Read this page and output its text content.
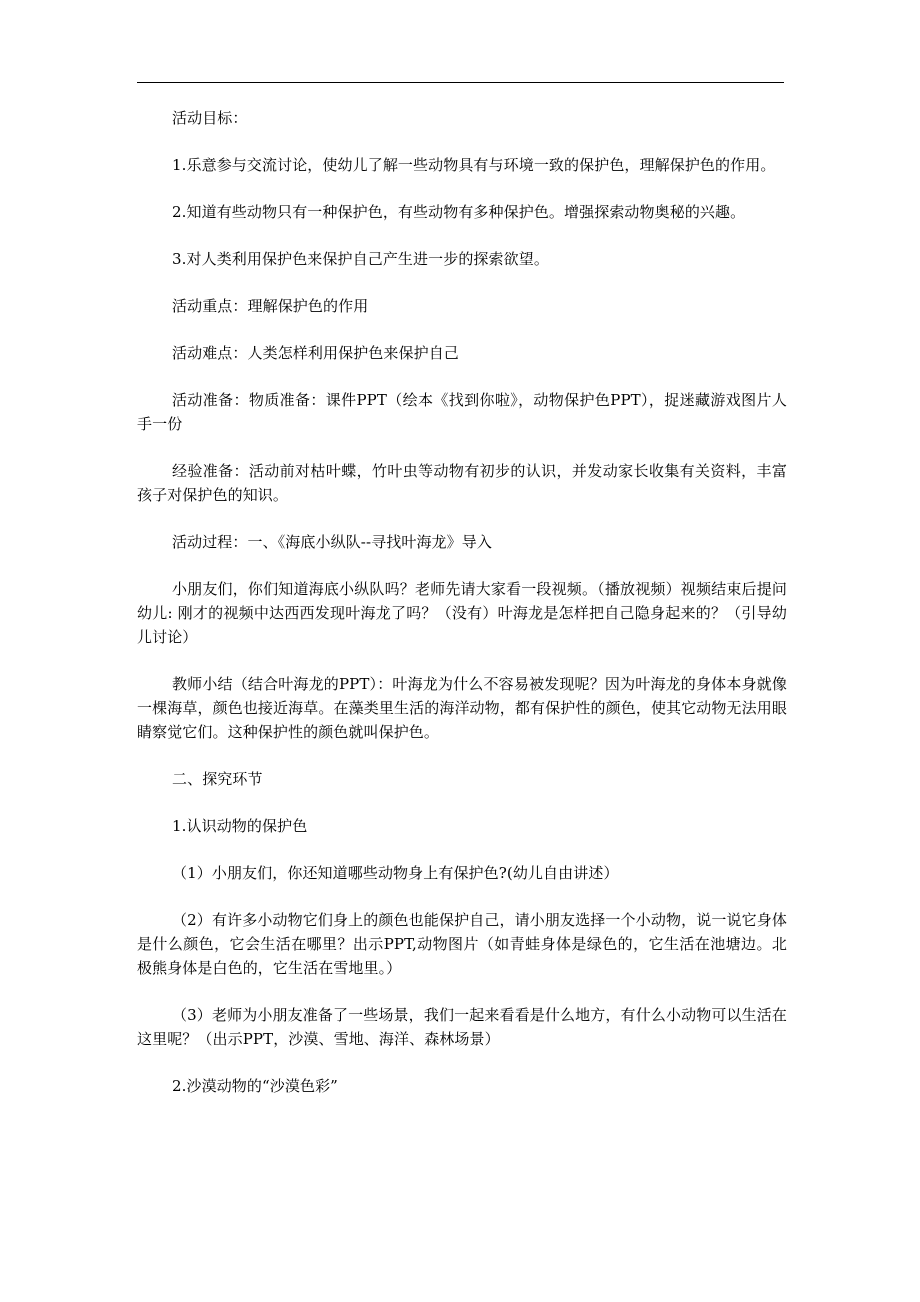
活动目标：

1.乐意参与交流讨论，使幼儿了解一些动物具有与环境一致的保护色，理解保护色的作用。

2.知道有些动物只有一种保护色，有些动物有多种保护色。增强探索动物奥秘的兴趣。

3.对人类利用保护色来保护自己产生进一步的探索欲望。

活动重点：理解保护色的作用

活动难点：人类怎样利用保护色来保护自己

活动准备：物质准备：课件PPT（绘本《找到你啦》，动物保护色PPT），捉迷藏游戏图片人手一份

经验准备：活动前对枯叶蝶，竹叶虫等动物有初步的认识，并发动家长收集有关资料，丰富孩子对保护色的知识。

活动过程：一、《海底小纵队--寻找叶海龙》导入

小朋友们，你们知道海底小纵队吗？老师先请大家看一段视频。（播放视频）视频结束后提问幼儿: 刚才的视频中达西西发现叶海龙了吗？（没有）叶海龙是怎样把自己隐身起来的？（引导幼儿讨论）

教师小结（结合叶海龙的PPT）：叶海龙为什么不容易被发现呢？因为叶海龙的身体本身就像一棵海草，颜色也接近海草。在藻类里生活的海洋动物，都有保护性的颜色，使其它动物无法用眼睛察觉它们。这种保护性的颜色就叫保护色。

二、探究环节

1.认识动物的保护色

（1）小朋友们，你还知道哪些动物身上有保护色?(幼儿自由讲述）

（2）有许多小动物它们身上的颜色也能保护自己，请小朋友选择一个小动物，说一说它身体是什么颜色，它会生活在哪里？出示PPT,动物图片（如青蛙身体是绿色的，它生活在池塘边。北极熊身体是白色的，它生活在雪地里。）

（3）老师为小朋友准备了一些场景，我们一起来看看是什么地方，有什么小动物可以生活在这里呢？（出示PPT，沙漠、雪地、海洋、森林场景）

2.沙漠动物的“沙漠色彩”
